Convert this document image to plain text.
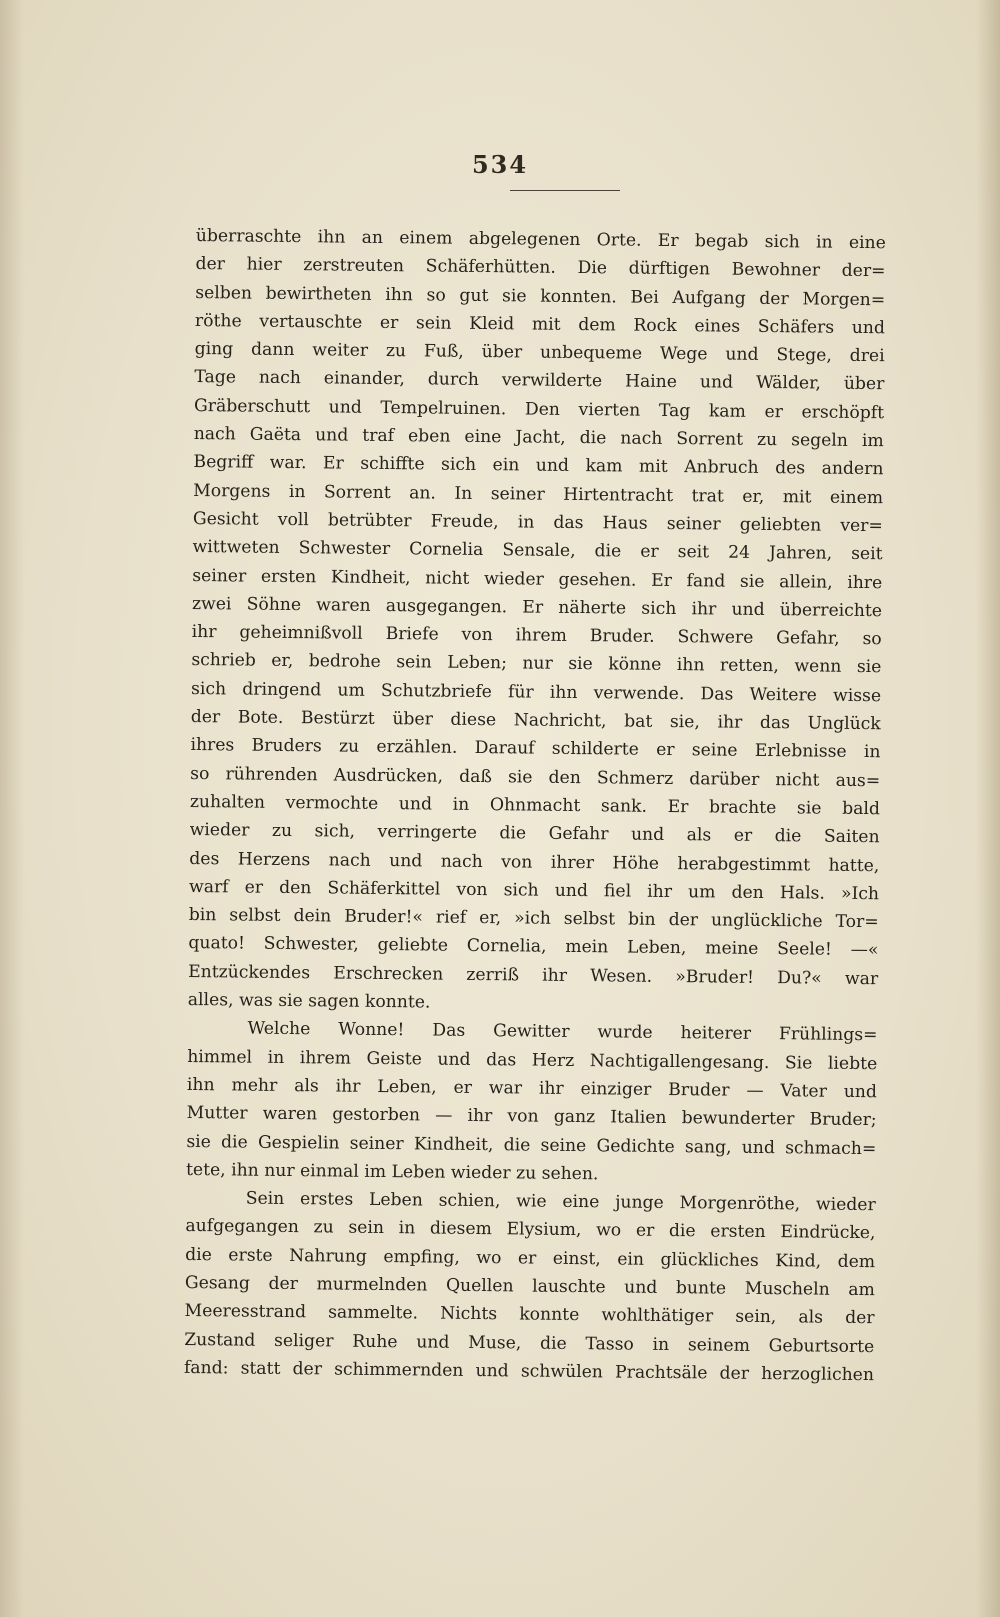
534
überraschte ihn an einem abgelegenen Orte. Er begab sich in eine
der hier zerstreuten Schäferhütten. Die dürftigen Bewohner der=
selben bewirtheten ihn so gut sie konnten. Bei Aufgang der Morgen=
röthe vertauschte er sein Kleid mit dem Rock eines Schäfers und
ging dann weiter zu Fuß, über unbequeme Wege und Stege, drei
Tage nach einander, durch verwilderte Haine und Wälder, über
Gräberschutt und Tempelruinen. Den vierten Tag kam er erschöpft
nach Gaëta und traf eben eine Jacht, die nach Sorrent zu segeln im
Begriff war. Er schiffte sich ein und kam mit Anbruch des andern
Morgens in Sorrent an. In seiner Hirtentracht trat er, mit einem
Gesicht voll betrübter Freude, in das Haus seiner geliebten ver=
wittweten Schwester Cornelia Sensale, die er seit 24 Jahren, seit
seiner ersten Kindheit, nicht wieder gesehen. Er fand sie allein, ihre
zwei Söhne waren ausgegangen. Er näherte sich ihr und überreichte
ihr geheimnißvoll Briefe von ihrem Bruder. Schwere Gefahr, so
schrieb er, bedrohe sein Leben; nur sie könne ihn retten, wenn sie
sich dringend um Schutzbriefe für ihn verwende. Das Weitere wisse
der Bote. Bestürzt über diese Nachricht, bat sie, ihr das Unglück
ihres Bruders zu erzählen. Darauf schilderte er seine Erlebnisse in
so rührenden Ausdrücken, daß sie den Schmerz darüber nicht aus=
zuhalten vermochte und in Ohnmacht sank. Er brachte sie bald
wieder zu sich, verringerte die Gefahr und als er die Saiten
des Herzens nach und nach von ihrer Höhe herabgestimmt hatte,
warf er den Schäferkittel von sich und fiel ihr um den Hals. »Ich
bin selbst dein Bruder!« rief er, »ich selbst bin der unglückliche Tor=
quato! Schwester, geliebte Cornelia, mein Leben, meine Seele! —«
Entzückendes Erschrecken zerriß ihr Wesen. »Bruder! Du?« war
alles, was sie sagen konnte.
Welche Wonne! Das Gewitter wurde heiterer Frühlings=
himmel in ihrem Geiste und das Herz Nachtigallengesang. Sie liebte
ihn mehr als ihr Leben, er war ihr einziger Bruder — Vater und
Mutter waren gestorben — ihr von ganz Italien bewunderter Bruder;
sie die Gespielin seiner Kindheit, die seine Gedichte sang, und schmach=
tete, ihn nur einmal im Leben wieder zu sehen.
Sein erstes Leben schien, wie eine junge Morgenröthe, wieder
aufgegangen zu sein in diesem Elysium, wo er die ersten Eindrücke,
die erste Nahrung empfing, wo er einst, ein glückliches Kind, dem
Gesang der murmelnden Quellen lauschte und bunte Muscheln am
Meeresstrand sammelte. Nichts konnte wohlthätiger sein, als der
Zustand seliger Ruhe und Muse, die Tasso in seinem Geburtsorte
fand: statt der schimmernden und schwülen Prachtsäle der herzoglichen
